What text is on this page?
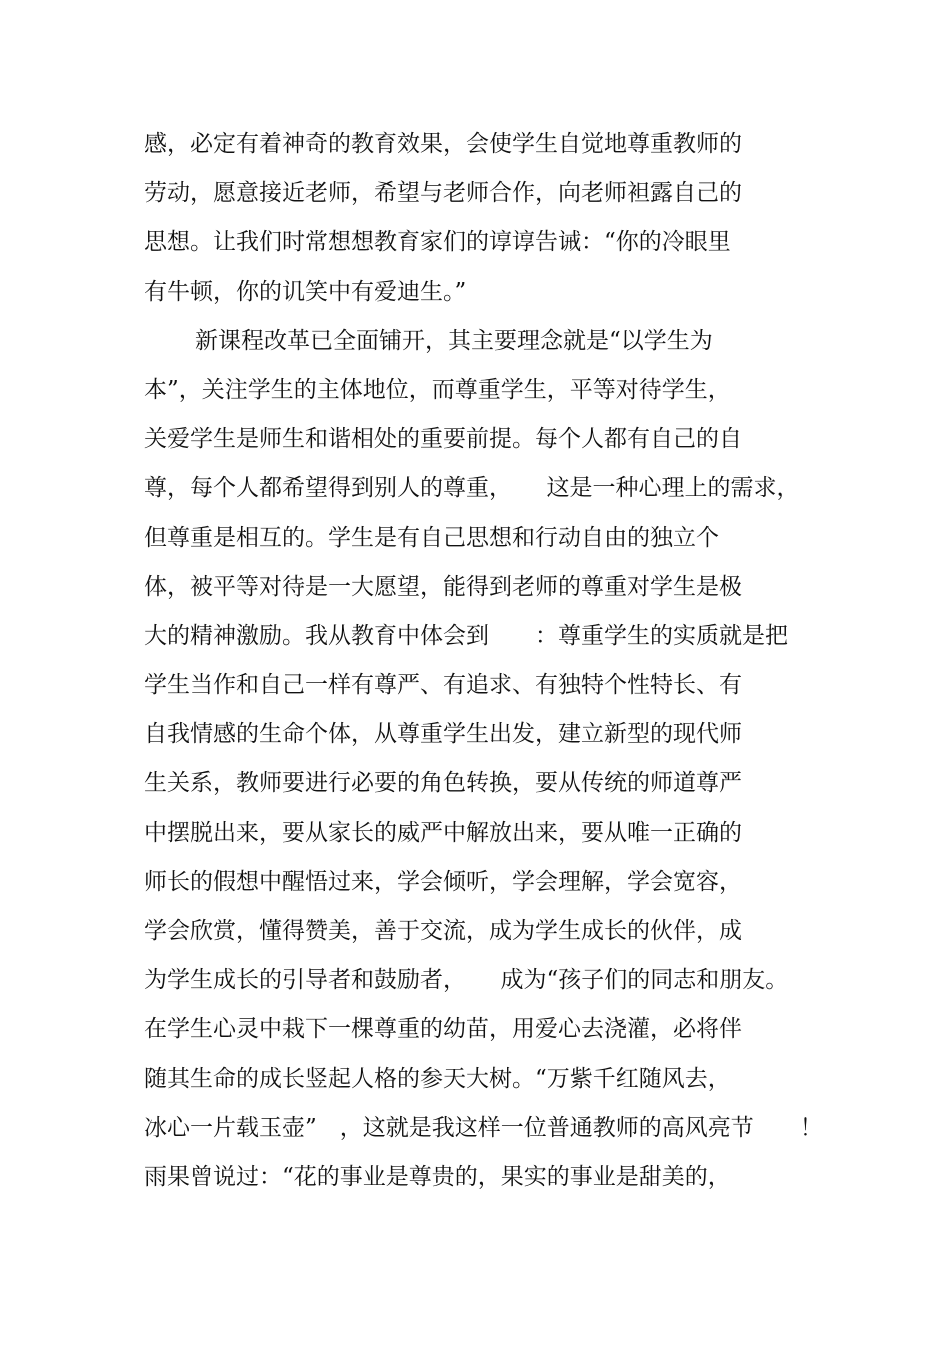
感，必定有着神奇的教育效果，会使学生自觉地尊重教师的
劳动，愿意接近老师，希望与老师合作，向老师袒露自己的
思想。让我们时常想想教育家们的谆谆告诫：“你的冷眼里
有牛顿，你的讥笑中有爱迪生。”
新课程改革已全面铺开，其主要理念就是“以学生为
本”，关注学生的主体地位，而尊重学生，平等对待学生，
关爱学生是师生和谐相处的重要前提。每个人都有自己的自
尊，每个人都希望得到别人的尊重，　　这是一种心理上的需求，
但尊重是相互的。学生是有自己思想和行动自由的独立个
体，被平等对待是一大愿望，能得到老师的尊重对学生是极
大的精神激励。我从教育中体会到　　：尊重学生的实质就是把
学生当作和自己一样有尊严、有追求、有独特个性特长、有
自我情感的生命个体，从尊重学生出发，建立新型的现代师
生关系，教师要进行必要的角色转换，要从传统的师道尊严
中摆脱出来，要从家长的威严中解放出来，要从唯一正确的
师长的假想中醒悟过来，学会倾听，学会理解，学会宽容，
学会欣赏，懂得赞美，善于交流，成为学生成长的伙伴，成
为学生成长的引导者和鼓励者，　　成为“孩子们的同志和朋友。
在学生心灵中栽下一棵尊重的幼苗，用爱心去浇灌，必将伴
随其生命的成长竖起人格的参天大树。“万紫千红随风去，
冰心一片载玉壶”　，这就是我这样一位普通教师的高风亮节　　！
雨果曾说过：“花的事业是尊贵的，果实的事业是甜美的，
